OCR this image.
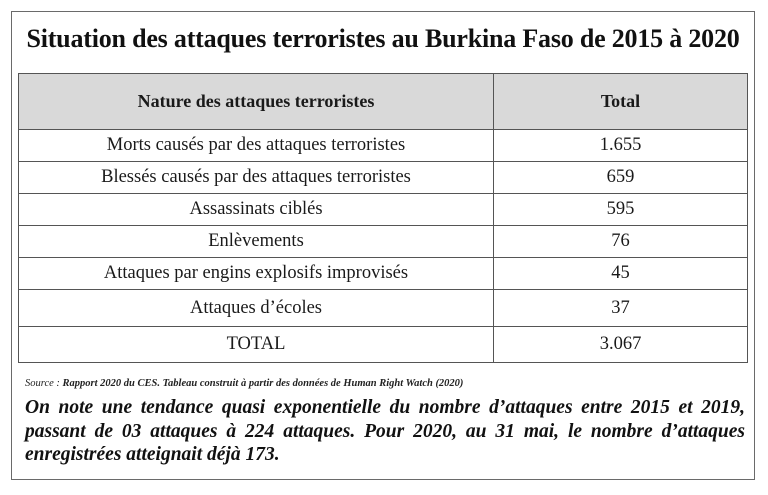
Situation des attaques terroristes au Burkina Faso de 2015 à 2020
Nature des attaques terroristes	Total
Morts causés par des attaques terroristes	1.655
Blessés causés par des attaques terroristes	659
Assassinats ciblés	595
Enlèvements	76
Attaques par engins explosifs improvisés	45
Attaques d’écoles	37
TOTAL	3.067
Source : Rapport 2020 du CES. Tableau construit à partir des données de Human Right Watch (2020)
On note une tendance quasi exponentielle du nombre d’attaques entre 2015 et 2019, passant de 03 attaques à 224 attaques. Pour 2020, au 31 mai, le nombre d’attaques enregistrées atteignait déjà 173.
